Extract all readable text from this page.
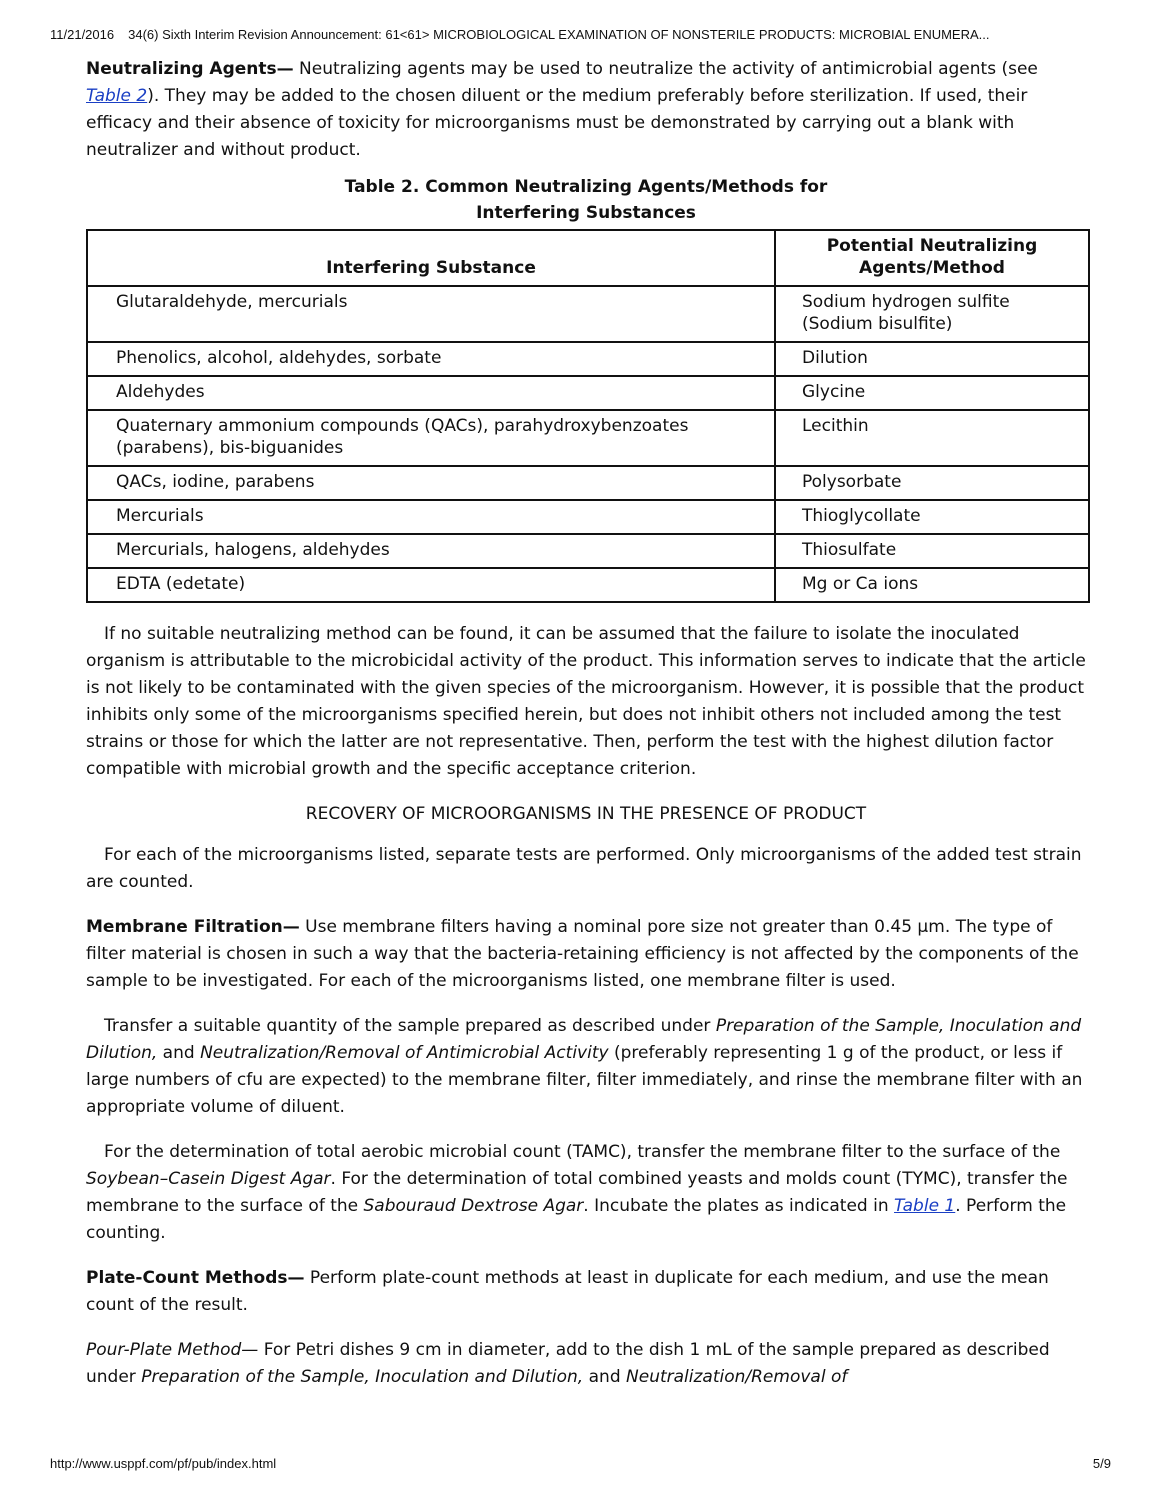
11/21/2016 34(6) Sixth Interim Revision Announcement: 61<61> MICROBIOLOGICAL EXAMINATION OF NONSTERILE PRODUCTS: MICROBIAL ENUMERA...

Neutralizing Agents— Neutralizing agents may be used to neutralize the activity of antimicrobial agents (see Table 2). They may be added to the chosen diluent or the medium preferably before sterilization. If used, their efficacy and their absence of toxicity for microorganisms must be demonstrated by carrying out a blank with neutralizer and without product.

Table 2. Common Neutralizing Agents/Methods for
Interfering Substances
Interfering Substance	Potential Neutralizing
Agents/Method
Glutaraldehyde, mercurials	Sodium hydrogen sulfite
(Sodium bisulfite)
Phenolics, alcohol, aldehydes, sorbate	Dilution
Aldehydes	Glycine
Quaternary ammonium compounds (QACs), parahydroxybenzoates (parabens), bis-biguanides	Lecithin
QACs, iodine, parabens	Polysorbate
Mercurials	Thioglycollate
Mercurials, halogens, aldehydes	Thiosulfate
EDTA (edetate)	Mg or Ca ions

If no suitable neutralizing method can be found, it can be assumed that the failure to isolate the inoculated organism is attributable to the microbicidal activity of the product. This information serves to indicate that the article is not likely to be contaminated with the given species of the microorganism. However, it is possible that the product inhibits only some of the microorganisms specified herein, but does not inhibit others not included among the test strains or those for which the latter are not representative. Then, perform the test with the highest dilution factor compatible with microbial growth and the specific acceptance criterion.

RECOVERY OF MICROORGANISMS IN THE PRESENCE OF PRODUCT

For each of the microorganisms listed, separate tests are performed. Only microorganisms of the added test strain are counted.

Membrane Filtration— Use membrane filters having a nominal pore size not greater than 0.45 µm. The type of filter material is chosen in such a way that the bacteria-retaining efficiency is not affected by the components of the sample to be investigated. For each of the microorganisms listed, one membrane filter is used.

Transfer a suitable quantity of the sample prepared as described under Preparation of the Sample, Inoculation and Dilution, and Neutralization/Removal of Antimicrobial Activity (preferably representing 1 g of the product, or less if large numbers of cfu are expected) to the membrane filter, filter immediately, and rinse the membrane filter with an appropriate volume of diluent.

For the determination of total aerobic microbial count (TAMC), transfer the membrane filter to the surface of the Soybean–Casein Digest Agar. For the determination of total combined yeasts and molds count (TYMC), transfer the membrane to the surface of the Sabouraud Dextrose Agar. Incubate the plates as indicated in Table 1. Perform the counting.

Plate-Count Methods— Perform plate-count methods at least in duplicate for each medium, and use the mean count of the result.

Pour-Plate Method— For Petri dishes 9 cm in diameter, add to the dish 1 mL of the sample prepared as described under Preparation of the Sample, Inoculation and Dilution, and Neutralization/Removal of

http://www.usppf.com/pf/pub/index.html	5/9
